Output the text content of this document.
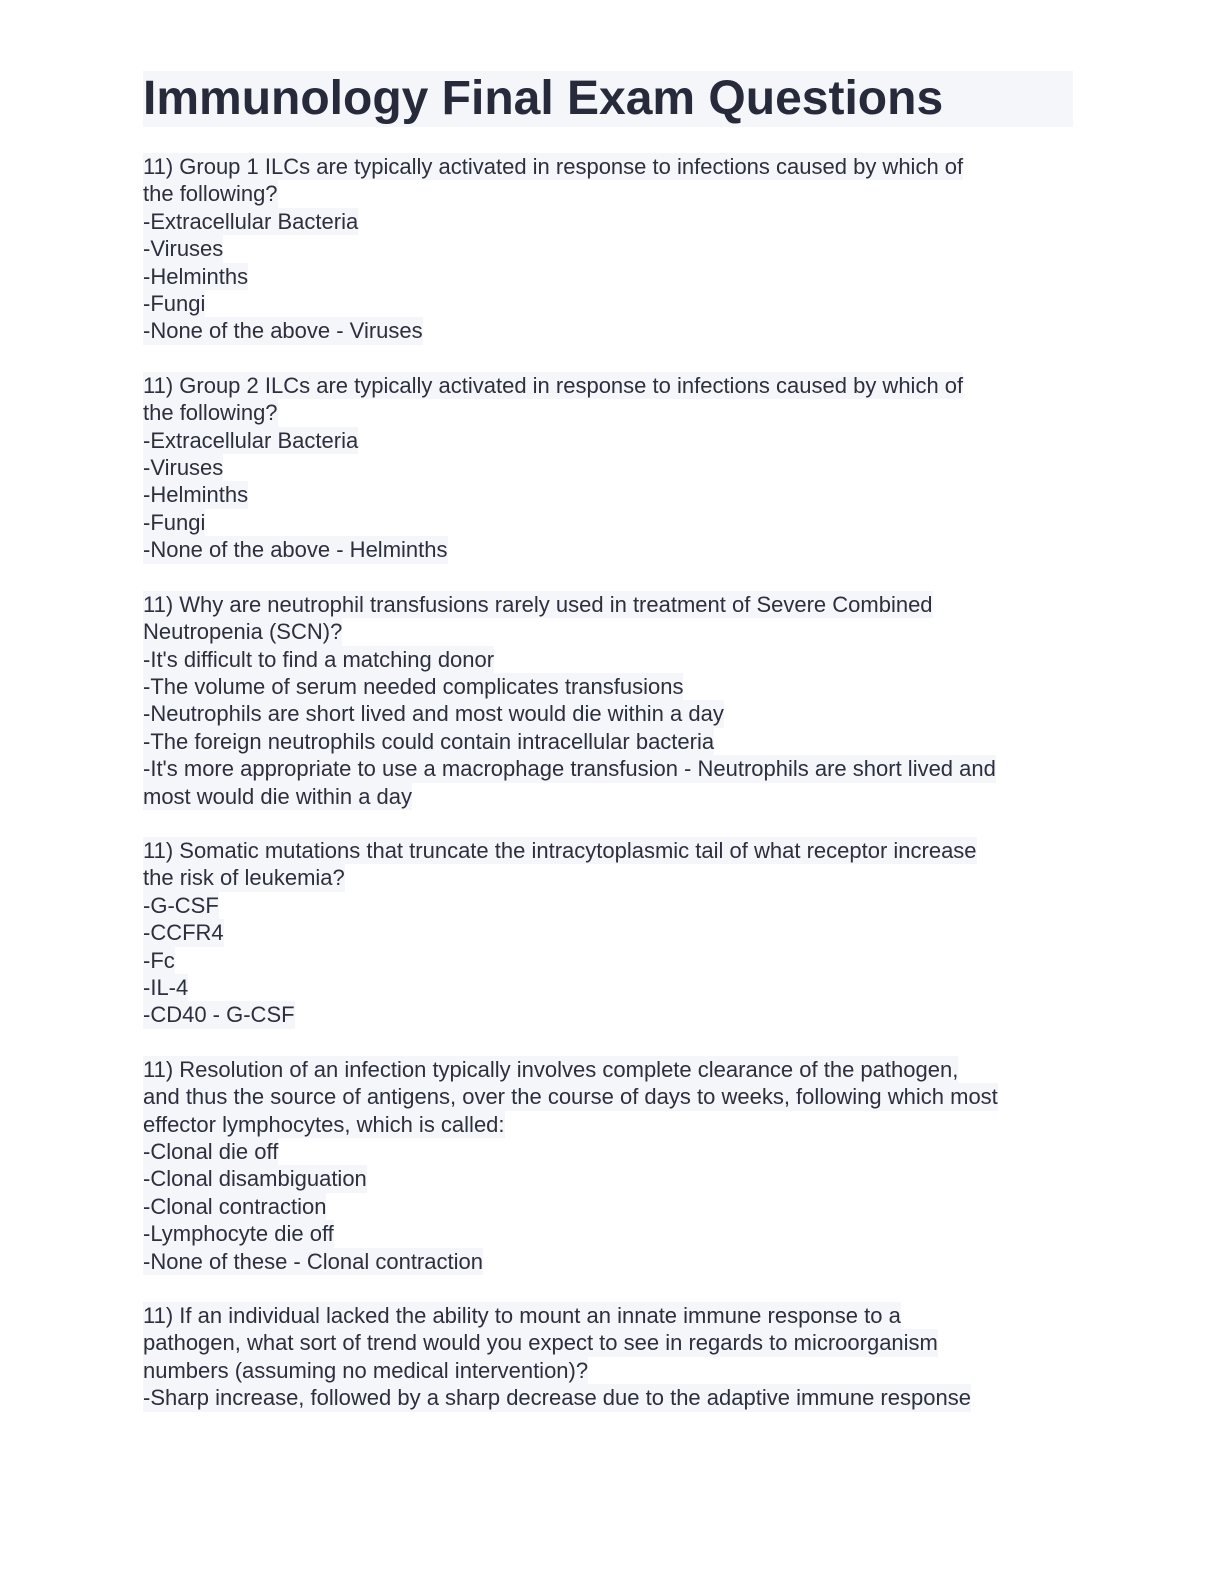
Immunology Final Exam Questions
11) Group 1 ILCs are typically activated in response to infections caused by which of
the following?
-Extracellular Bacteria
-Viruses
-Helminths
-Fungi
-None of the above - Viruses
11) Group 2 ILCs are typically activated in response to infections caused by which of
the following?
-Extracellular Bacteria
-Viruses
-Helminths
-Fungi
-None of the above - Helminths
11) Why are neutrophil transfusions rarely used in treatment of Severe Combined
Neutropenia (SCN)?
-It's difficult to find a matching donor
-The volume of serum needed complicates transfusions
-Neutrophils are short lived and most would die within a day
-The foreign neutrophils could contain intracellular bacteria
-It's more appropriate to use a macrophage transfusion - Neutrophils are short lived and
most would die within a day
11) Somatic mutations that truncate the intracytoplasmic tail of what receptor increase
the risk of leukemia?
-G-CSF
-CCFR4
-Fc
-IL-4
-CD40 - G-CSF
11) Resolution of an infection typically involves complete clearance of the pathogen,
and thus the source of antigens, over the course of days to weeks, following which most
effector lymphocytes, which is called:
-Clonal die off
-Clonal disambiguation
-Clonal contraction
-Lymphocyte die off
-None of these - Clonal contraction
11) If an individual lacked the ability to mount an innate immune response to a
pathogen, what sort of trend would you expect to see in regards to microorganism
numbers (assuming no medical intervention)?
-Sharp increase, followed by a sharp decrease due to the adaptive immune response
